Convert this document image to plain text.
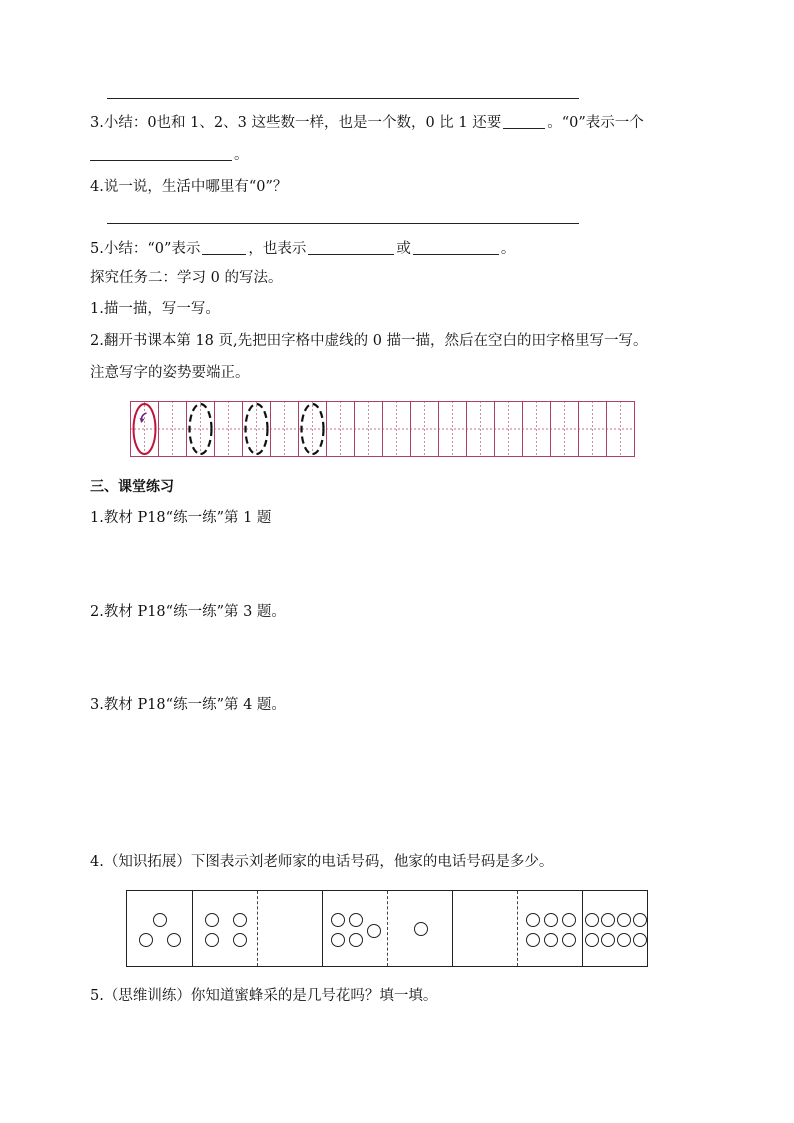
3.小结：0也和 1、2、3 这些数一样，也是一个数，0 比 1 还要	。“0”表示一个
。
4.说一说，生活中哪里有“0”？
5.小结：“0”表示	，也表示	或	。
探究任务二：学习 0 的写法。
1.描一描，写一写。
2.翻开书课本第 18 页,先把田字格中虚线的 0 描一描，然后在空白的田字格里写一写。
注意写字的姿势要端正。
三、课堂练习
1.教材 P18“练一练”第 1 题
2.教材 P18“练一练”第 3 题。
3.教材 P18“练一练”第 4 题。
4.（知识拓展）下图表示刘老师家的电话号码，他家的电话号码是多少。
5.（思维训练）你知道蜜蜂采的是几号花吗？填一填。
